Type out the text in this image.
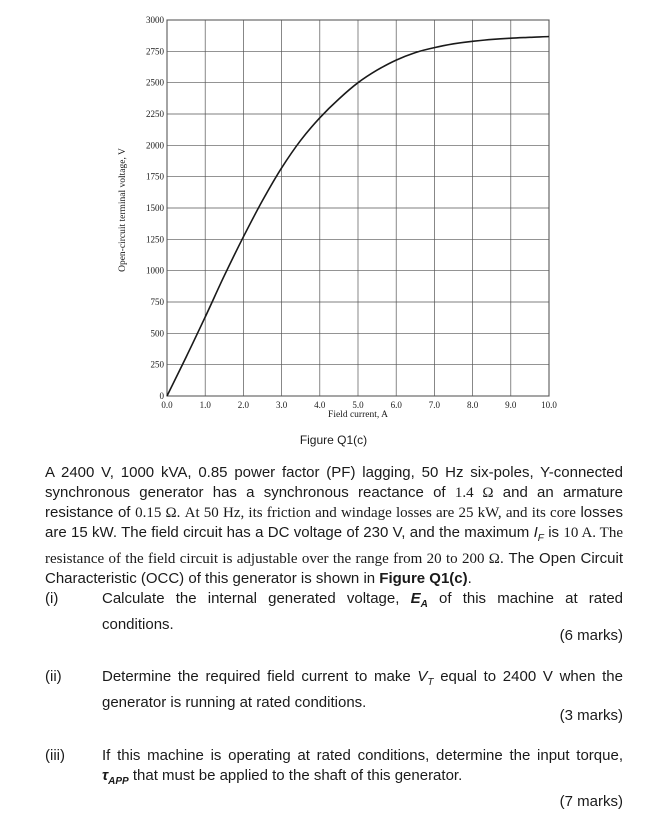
0.0	1.0	2.0	3.0	4.0	5.0	6.0	7.0	8.0	9.0	10.0
0
250
500
750
1000
1250
1500
1750
2000
2250
2500
2750
3000
Field current, A
Open-circuit terminal voltage, V
Figure Q1(c)

A 2400 V, 1000 kVA, 0.85 power factor (PF) lagging, 50 Hz six-poles, Y-connected synchronous generator has a synchronous reactance of 1.4 Ω and an armature resistance of 0.15 Ω. At 50 Hz, its friction and windage losses are 25 kW, and its core losses are 15 kW. The field circuit has a DC voltage of 230 V, and the maximum $I_F$ is 10 A. The resistance of the field circuit is adjustable over the range from 20 to 200 Ω. The Open Circuit Characteristic (OCC) of this generator is shown in Figure Q1(c).

(i)	Calculate the internal generated voltage, $E_A$ of this machine at rated conditions.
(6 marks)
(ii)	Determine the required field current to make $V_T$ equal to 2400 V when the generator is running at rated conditions.
(3 marks)
(iii) If this machine is operating at rated conditions, determine the input torque, $\tau_{APP}$ that must be applied to the shaft of this generator.
(7 marks)
